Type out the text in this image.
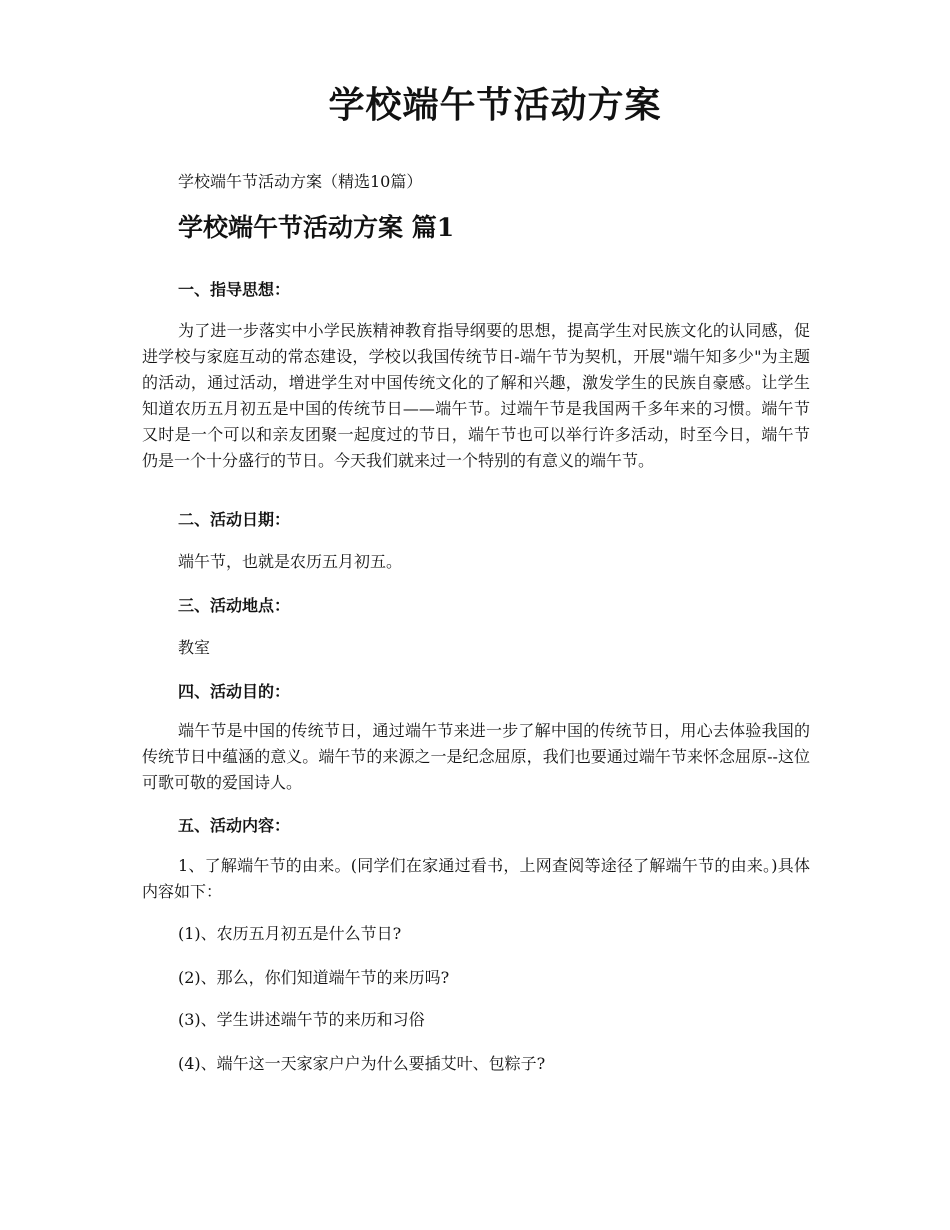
学校端午节活动方案

学校端午节活动方案（精选10篇）

学校端午节活动方案 篇1

一、指导思想：

为了进一步落实中小学民族精神教育指导纲要的思想，提高学生对民族文化的认同感，促进学校与家庭互动的常态建设，学校以我国传统节日-端午节为契机，开展"端午知多少"为主题的活动，通过活动，增进学生对中国传统文化的了解和兴趣，激发学生的民族自豪感。让学生知道农历五月初五是中国的传统节日——端午节。过端午节是我国两千多年来的习惯。端午节又时是一个可以和亲友团聚一起度过的节日，端午节也可以举行许多活动，时至今日，端午节仍是一个十分盛行的节日。今天我们就来过一个特别的有意义的端午节。

二、活动日期：

端午节，也就是农历五月初五。

三、活动地点：

教室

四、活动目的：

端午节是中国的传统节日，通过端午节来进一步了解中国的传统节日，用心去体验我国的传统节日中蕴涵的意义。端午节的来源之一是纪念屈原，我们也要通过端午节来怀念屈原--这位可歌可敬的爱国诗人。

五、活动内容：

1、了解端午节的由来。(同学们在家通过看书，上网查阅等途径了解端午节的由来。)具体内容如下：

(1)、农历五月初五是什么节日?

(2)、那么，你们知道端午节的来历吗?

(3)、学生讲述端午节的来历和习俗

(4)、端午这一天家家户户为什么要插艾叶、包粽子?
